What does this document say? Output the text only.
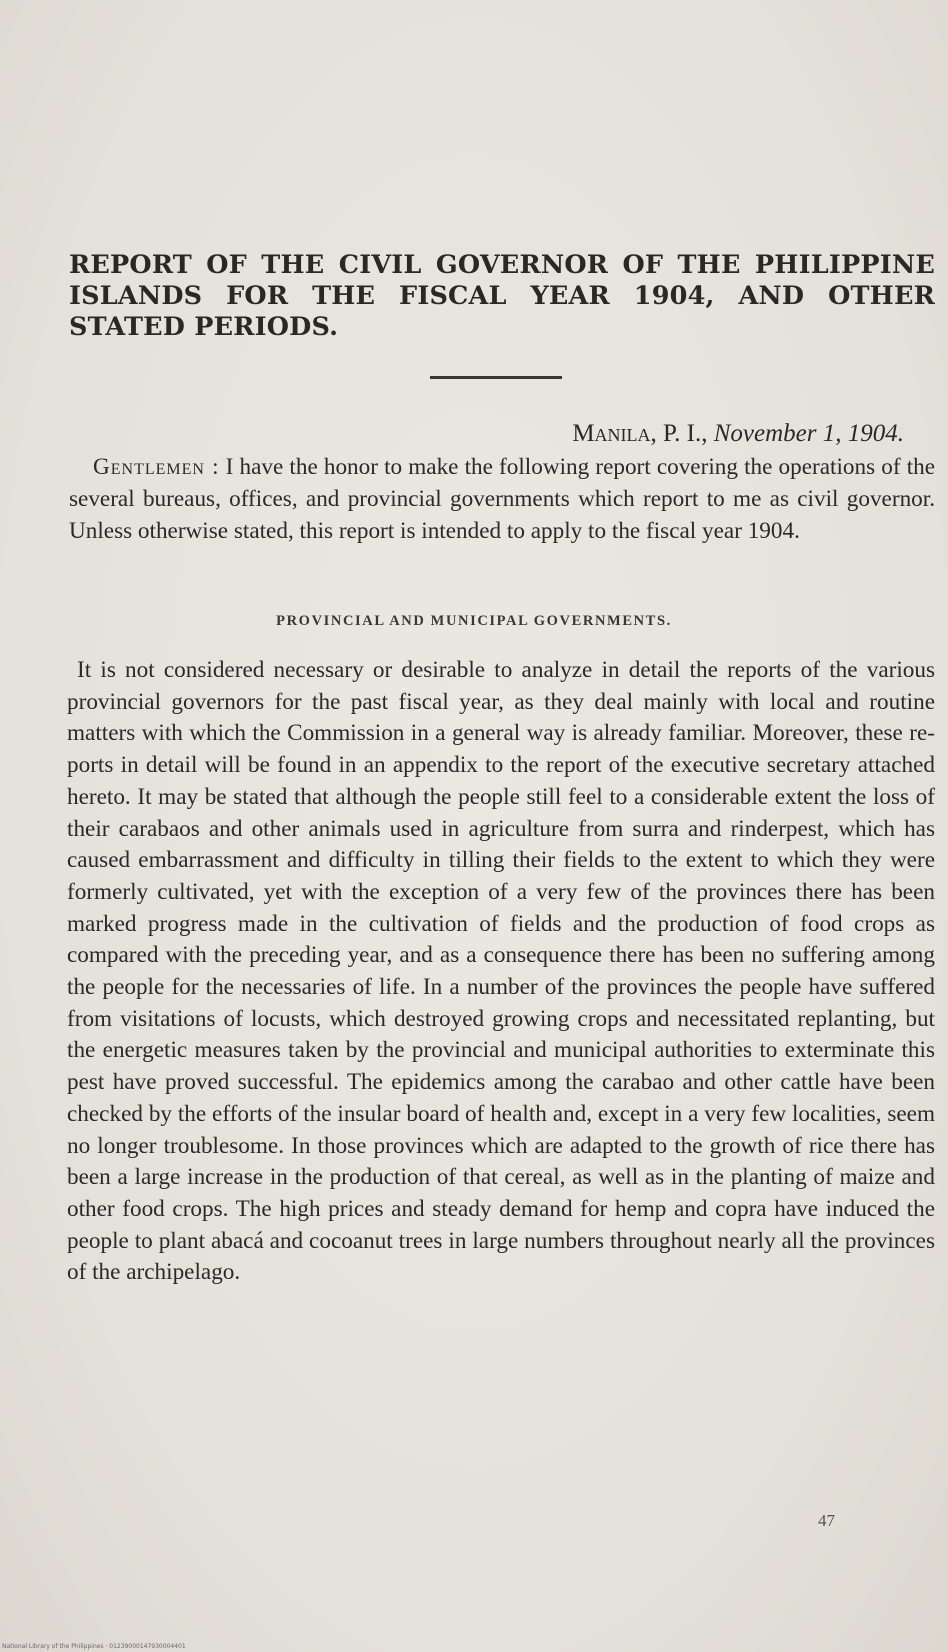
REPORT OF THE CIVIL GOVERNOR OF THE PHILIPPINE ISLANDS FOR THE FISCAL YEAR 1904, AND OTHER STATED PERIODS.
Manila, P. I., November 1, 1904.
Gentlemen : I have the honor to make the following report covering the operations of the several bureaus, offices, and provincial governments which report to me as civil governor. Unless otherwise stated, this report is intended to apply to the fiscal year 1904.
PROVINCIAL AND MUNICIPAL GOVERNMENTS.
It is not considered necessary or desirable to analyze in detail the reports of the various provincial governors for the past fiscal year, as they deal mainly with local and routine matters with which the Commission in a general way is already familiar. Moreover, these reports in detail will be found in an appendix to the report of the executive secretary attached hereto. It may be stated that although the people still feel to a considerable extent the loss of their carabaos and other animals used in agriculture from surra and rinderpest, which has caused embarrassment and difficulty in tilling their fields to the extent to which they were formerly cultivated, yet with the exception of a very few of the provinces there has been marked progress made in the cultivation of fields and the production of food crops as compared with the preceding year, and as a consequence there has been no suffering among the people for the necessaries of life. In a number of the provinces the people have suffered from visitations of locusts, which destroyed growing crops and necessitated replanting, but the energetic measures taken by the provincial and municipal authorities to exterminate this pest have proved successful. The epidemics among the carabao and other cattle have been checked by the efforts of the insular board of health and, except in a very few localities, seem no longer troublesome. In those provinces which are adapted to the growth of rice there has been a large increase in the production of that cereal, as well as in the planting of maize and other food crops. The high prices and steady demand for hemp and copra have induced the people to plant abacá and cocoanut trees in large numbers throughout nearly all the provinces of the archipelago.
47
National Library of the Philippines · 01239000147930004401
